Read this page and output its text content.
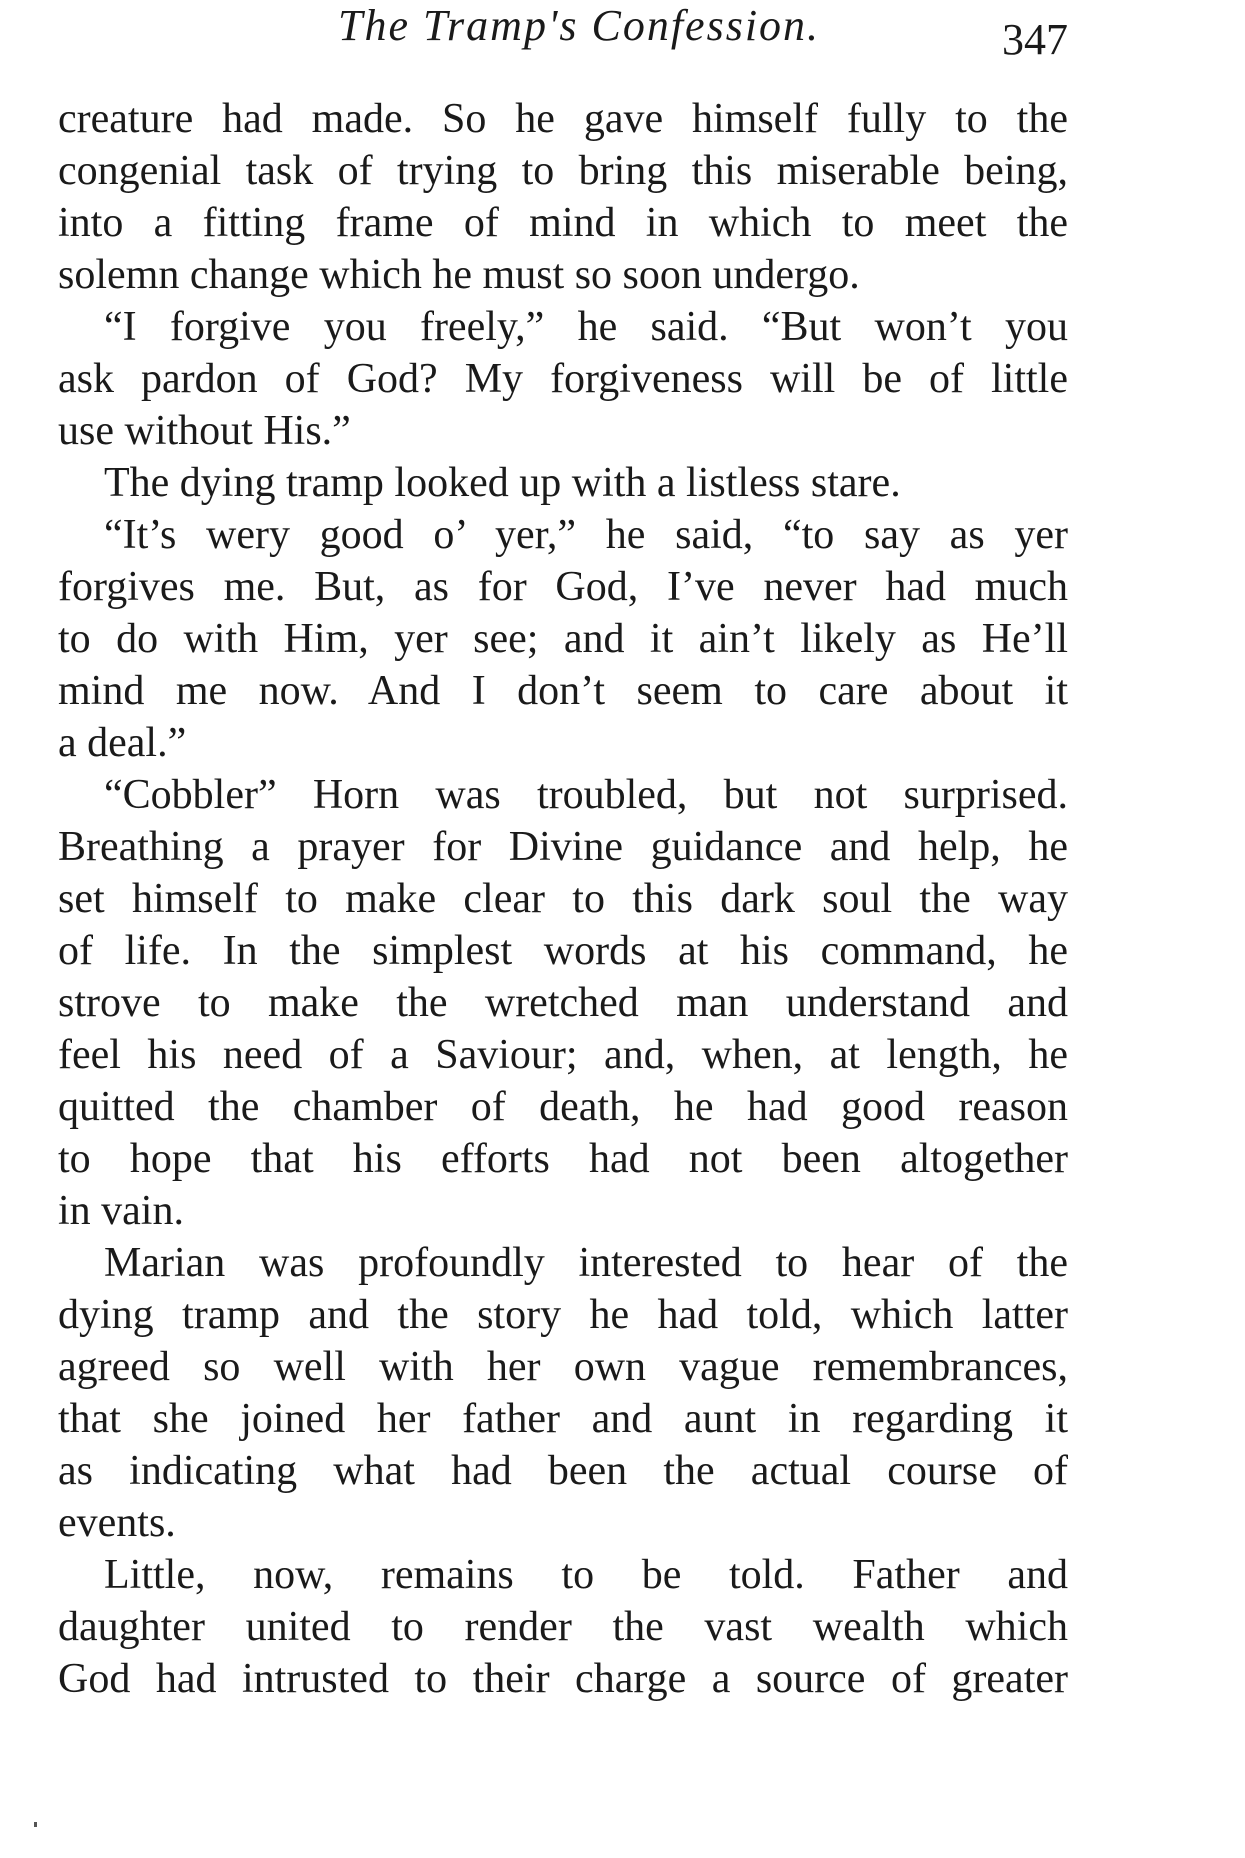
The Tramp's Confession.	347
creature had made. So he gave himself fully to the
congenial task of trying to bring this miserable being,
into a fitting frame of mind in which to meet the
solemn change which he must so soon undergo.
“I forgive you freely,” he said. “But won’t you
ask pardon of God? My forgiveness will be of little
use without His.”
The dying tramp looked up with a listless stare.
“It’s wery good o’ yer,” he said, “to say as yer
forgives me. But, as for God, I’ve never had much
to do with Him, yer see; and it ain’t likely as He’ll
mind me now. And I don’t seem to care about it
a deal.”
“Cobbler” Horn was troubled, but not surprised.
Breathing a prayer for Divine guidance and help, he
set himself to make clear to this dark soul the way
of life. In the simplest words at his command, he
strove to make the wretched man understand and
feel his need of a Saviour; and, when, at length, he
quitted the chamber of death, he had good reason
to hope that his efforts had not been altogether
in vain.
Marian was profoundly interested to hear of the
dying tramp and the story he had told, which latter
agreed so well with her own vague remembrances,
that she joined her father and aunt in regarding it
as indicating what had been the actual course of
events.
Little, now, remains to be told. Father and
daughter united to render the vast wealth which
God had intrusted to their charge a source of greater
